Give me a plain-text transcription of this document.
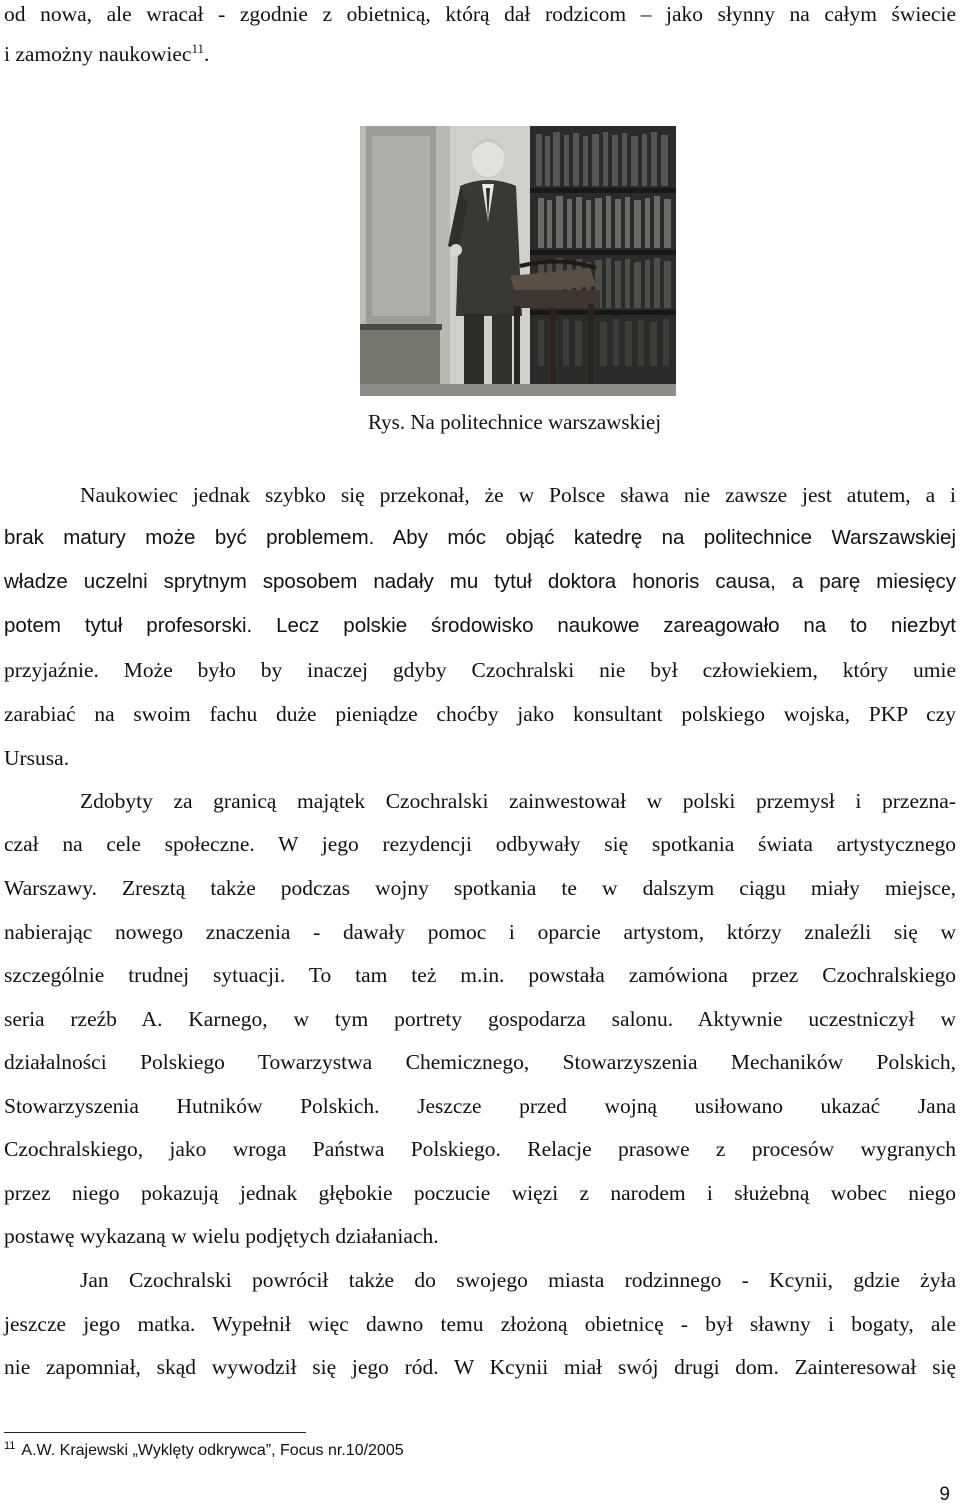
od nowa, ale wracał - zgodnie z obietnicą, którą dał rodzicom – jako słynny na całym świecie
i zamożny naukowiec$^{11}$.
Rys. Na politechnice warszawskiej
Naukowiec jednak szybko się przekonał, że w Polsce sława nie zawsze jest atutem, a i
brak matury może być problemem. Aby móc objąć katedrę na politechnice Warszawskiej
władze uczelni sprytnym sposobem nadały mu tytuł doktora honoris causa, a parę miesięcy
potem tytuł profesorski. Lecz polskie środowisko naukowe zareagowało na to niezbyt
przyjaźnie. Może było by inaczej gdyby Czochralski nie był człowiekiem, który umie
zarabiać na swoim fachu duże pieniądze choćby jako konsultant polskiego wojska, PKP czy
Ursusa.
Zdobyty za granicą majątek Czochralski zainwestował w polski przemysł i przezna-
czał na cele społeczne. W jego rezydencji odbywały się spotkania świata artystycznego
Warszawy. Zresztą także podczas wojny spotkania te w dalszym ciągu miały miejsce,
nabierając nowego znaczenia - dawały pomoc i oparcie artystom, którzy znaleźli się w
szczególnie trudnej sytuacji. To tam też m.in. powstała zamówiona przez Czochralskiego
seria rzeźb A. Karnego, w tym portrety gospodarza salonu. Aktywnie uczestniczył w
działalności Polskiego Towarzystwa Chemicznego, Stowarzyszenia Mechaników Polskich,
Stowarzyszenia Hutników Polskich. Jeszcze przed wojną usiłowano ukazać Jana
Czochralskiego, jako wroga Państwa Polskiego. Relacje prasowe z procesów wygranych
przez niego pokazują jednak głębokie poczucie więzi z narodem i służebną wobec niego
postawę wykazaną w wielu podjętych działaniach.
Jan Czochralski powrócił także do swojego miasta rodzinnego - Kcynii, gdzie żyła
jeszcze jego matka. Wypełnił więc dawno temu złożoną obietnicę - był sławny i bogaty, ale
nie zapomniał, skąd wywodził się jego ród. W Kcynii miał swój drugi dom. Zainteresował się
$^{11}$ A.W. Krajewski „Wyklęty odkrywca”, Focus nr.10/2005
9
